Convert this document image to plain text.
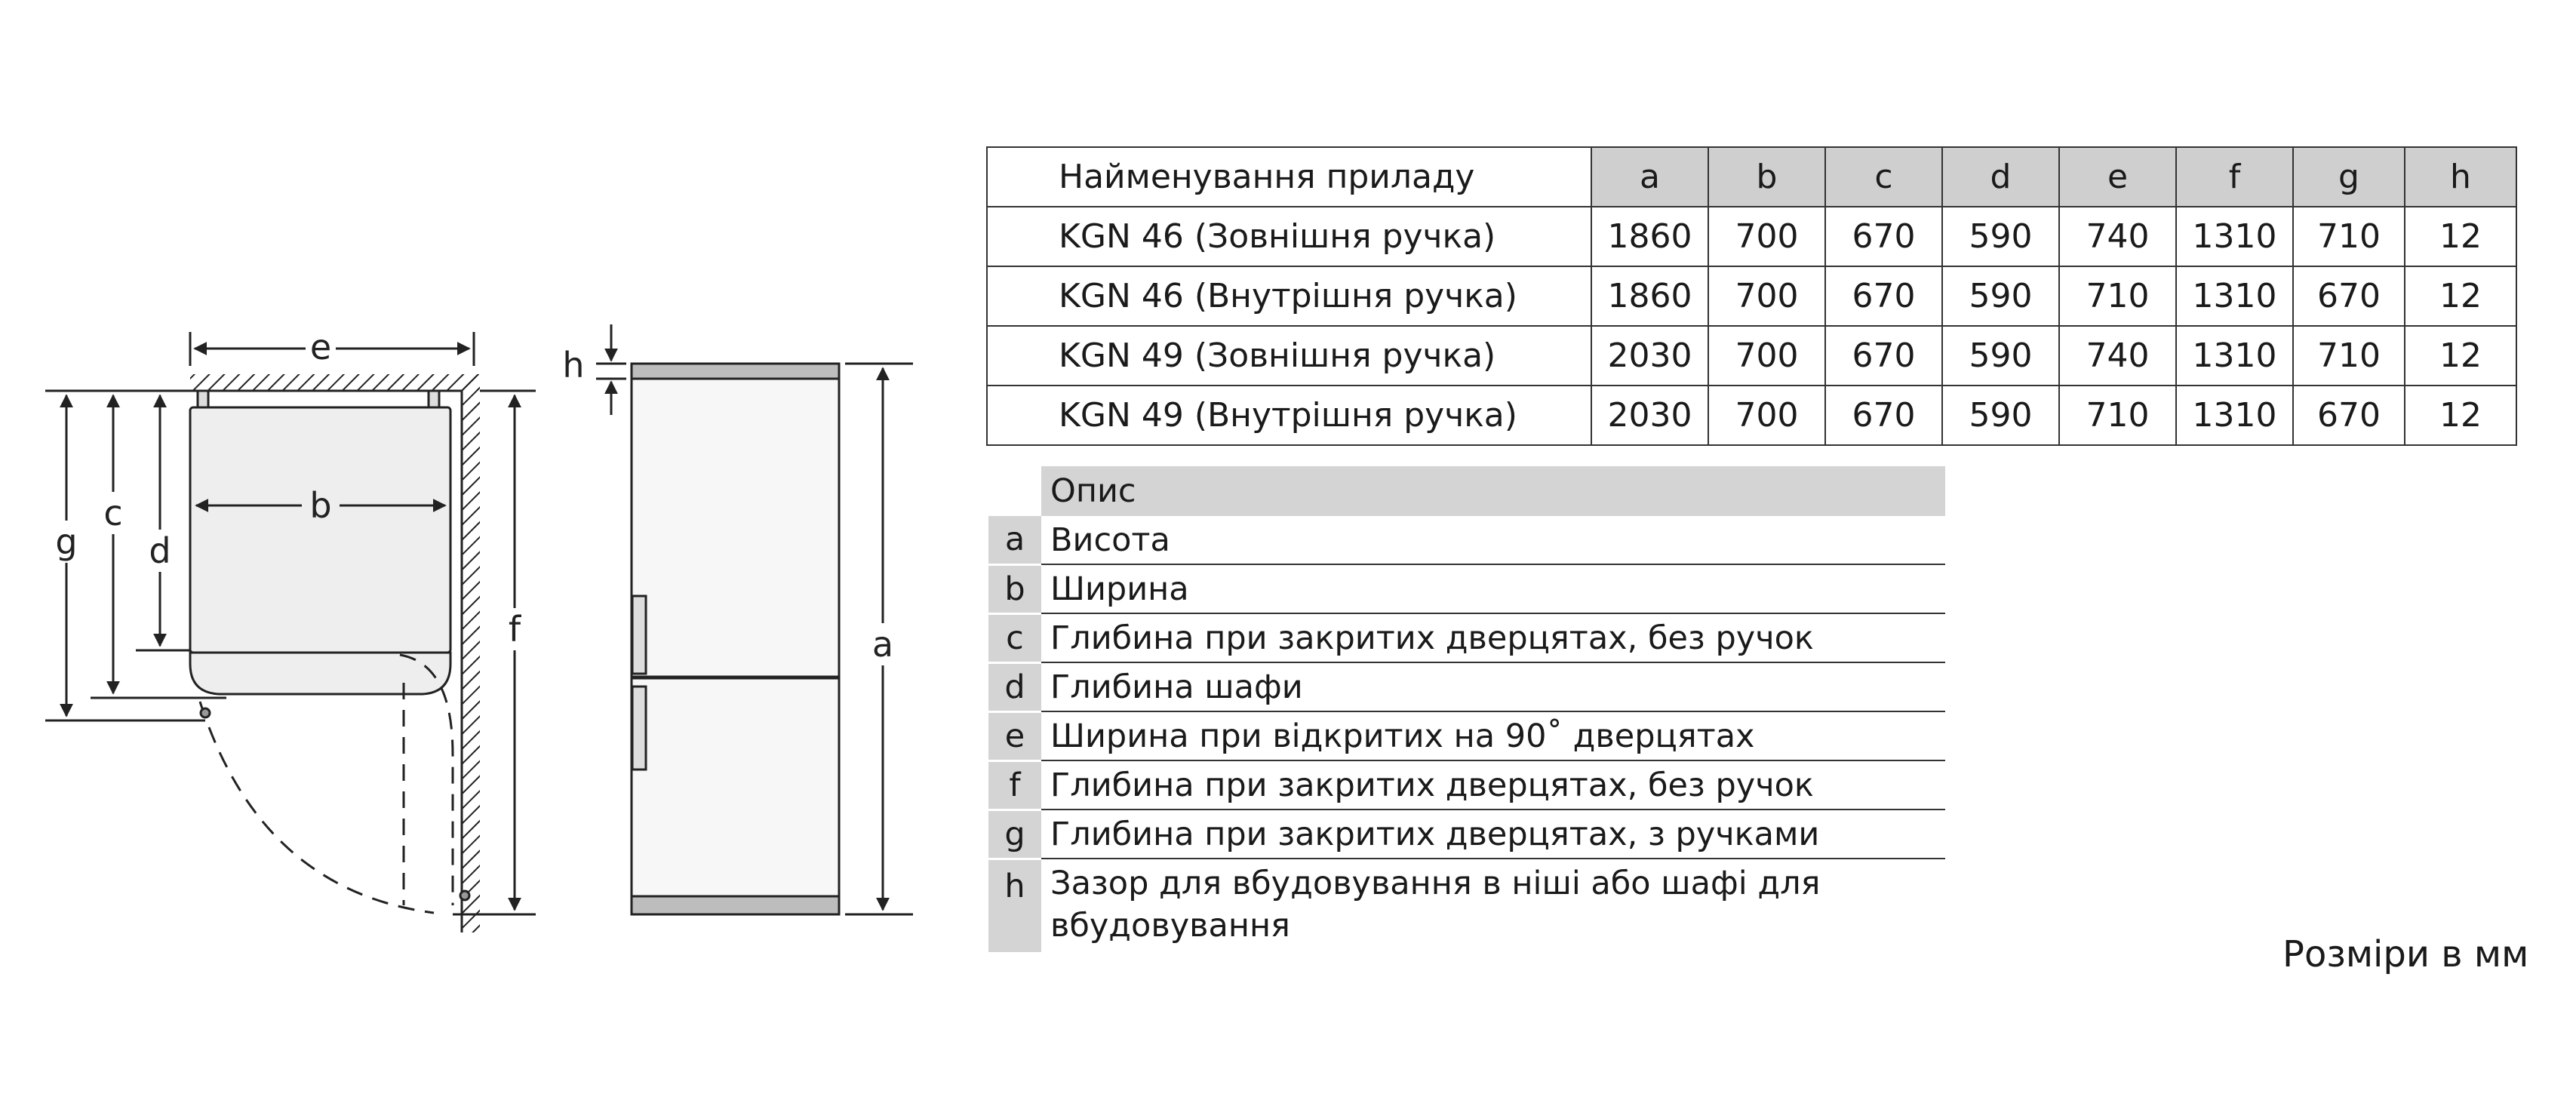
e
b
g
c
d
f
h
a
Найменування приладу	a	b	c	d	e	f	g	h
KGN 46 (Зовнішня ручка)	1860	700	670	590	740	1310	710	12
KGN 46 (Внутрішня ручка)	1860	700	670	590	710	1310	670	12
KGN 49 (Зовнішня ручка)	2030	700	670	590	740	1310	710	12
KGN 49 (Внутрішня ручка)	2030	700	670	590	710	1310	670	12
	Опис
a	Висота
b	Ширина
c	Глибина при закритих дверцятах, без ручок
d	Глибина шафи
e	Ширина при відкритих на 90˚ дверцятах
f	Глибина при закритих дверцятах, без ручок
g	Глибина при закритих дверцятах, з ручками
h	Зазор для вбудовування в ніші або шафі для вбудовування
Розміри в мм
